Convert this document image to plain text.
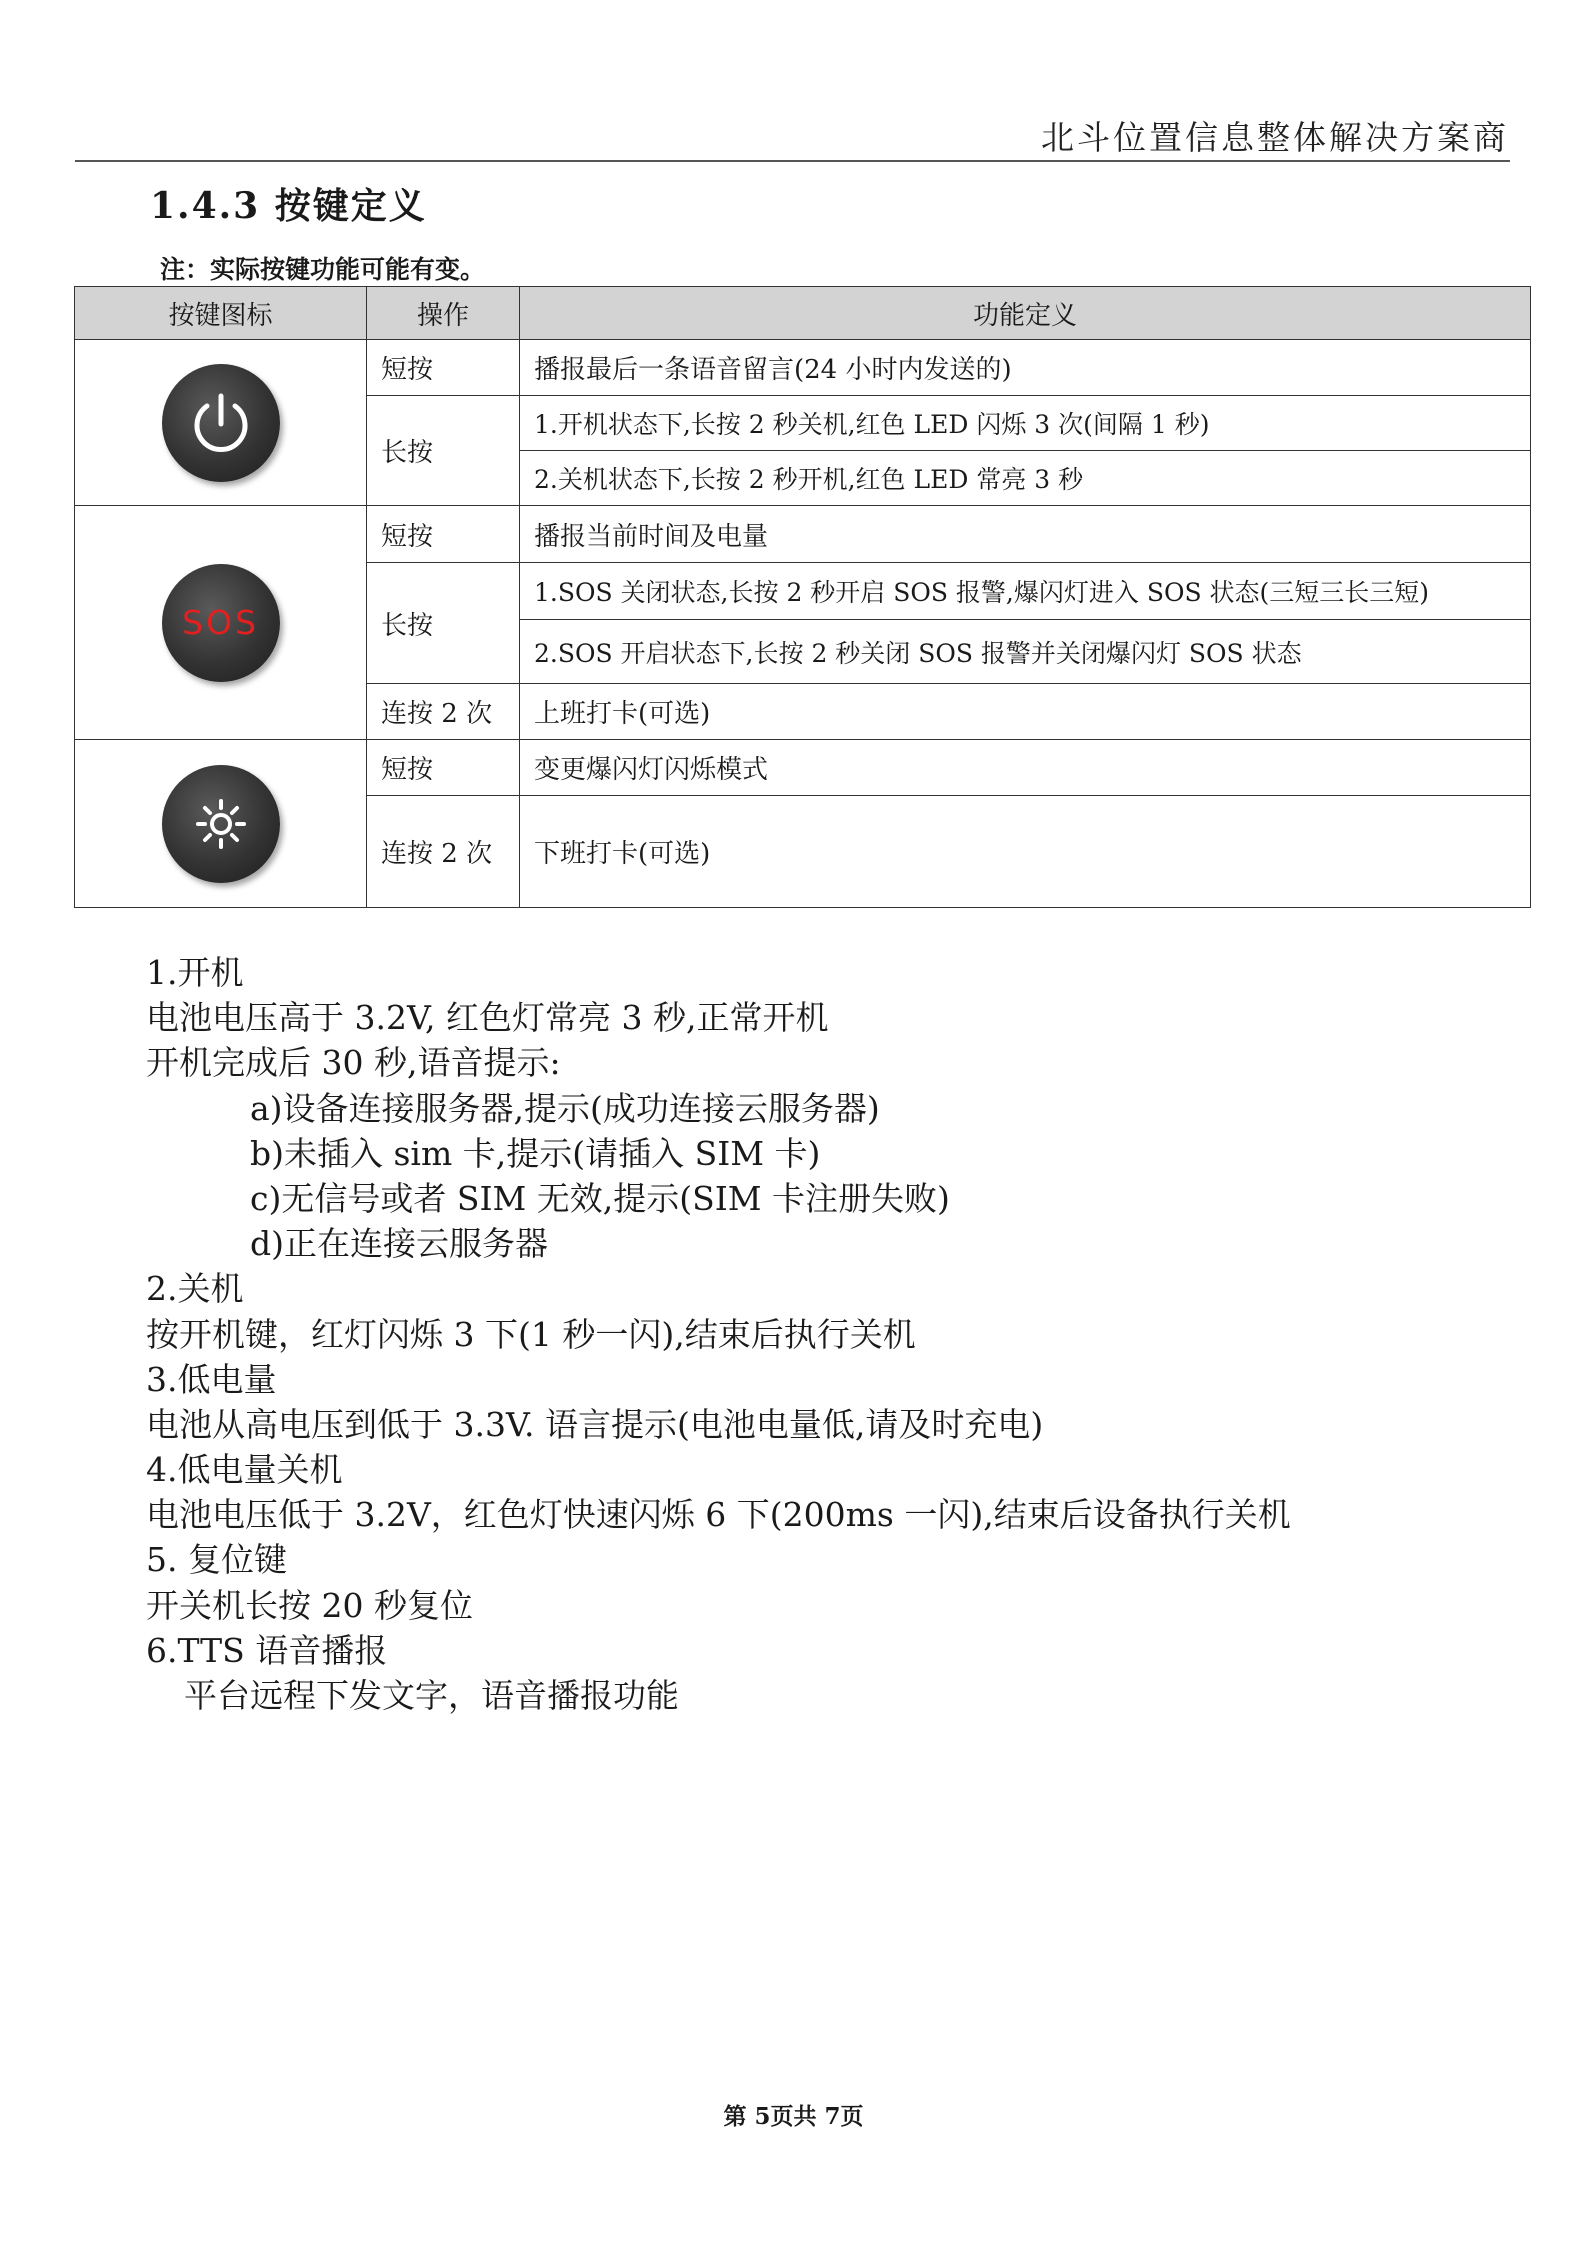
北斗位置信息整体解决方案商
1.4.3 按键定义
注：实际按键功能可能有变。
按键图标	操作	功能定义

	短按	播报最后一条语音留言(24 小时内发送的)
	长按	1.开机状态下,长按 2 秒关机,红色 LED 闪烁 3 次(间隔 1 秒)
		2.关机状态下,长按 2 秒开机,红色 LED 常亮 3 秒

SOS	短按	播报当前时间及电量
	长按	1.SOS 关闭状态,长按 2 秒开启 SOS 报警,爆闪灯进入 SOS 状态(三短三长三短)
		2.SOS 开启状态下,长按 2 秒关闭 SOS 报警并关闭爆闪灯 SOS 状态
	连按 2 次	上班打卡(可选)

	短按	变更爆闪灯闪烁模式
	连按 2 次	下班打卡(可选)
1.开机
电池电压高于 3.2V, 红色灯常亮 3 秒,正常开机
开机完成后 30 秒,语音提示:
a)设备连接服务器,提示(成功连接云服务器)
b)未插入 sim 卡,提示(请插入 SIM 卡)
c)无信号或者 SIM 无效,提示(SIM 卡注册失败)
d)正在连接云服务器
2.关机
按开机键，红灯闪烁 3 下(1 秒一闪),结束后执行关机
3.低电量
电池从高电压到低于 3.3V. 语言提示(电池电量低,请及时充电)
4.低电量关机
电池电压低于 3.2V，红色灯快速闪烁 6 下(200ms 一闪),结束后设备执行关机
5. 复位键
开关机长按 20 秒复位
6.TTS 语音播报
平台远程下发文字，语音播报功能
第 5页共 7页
